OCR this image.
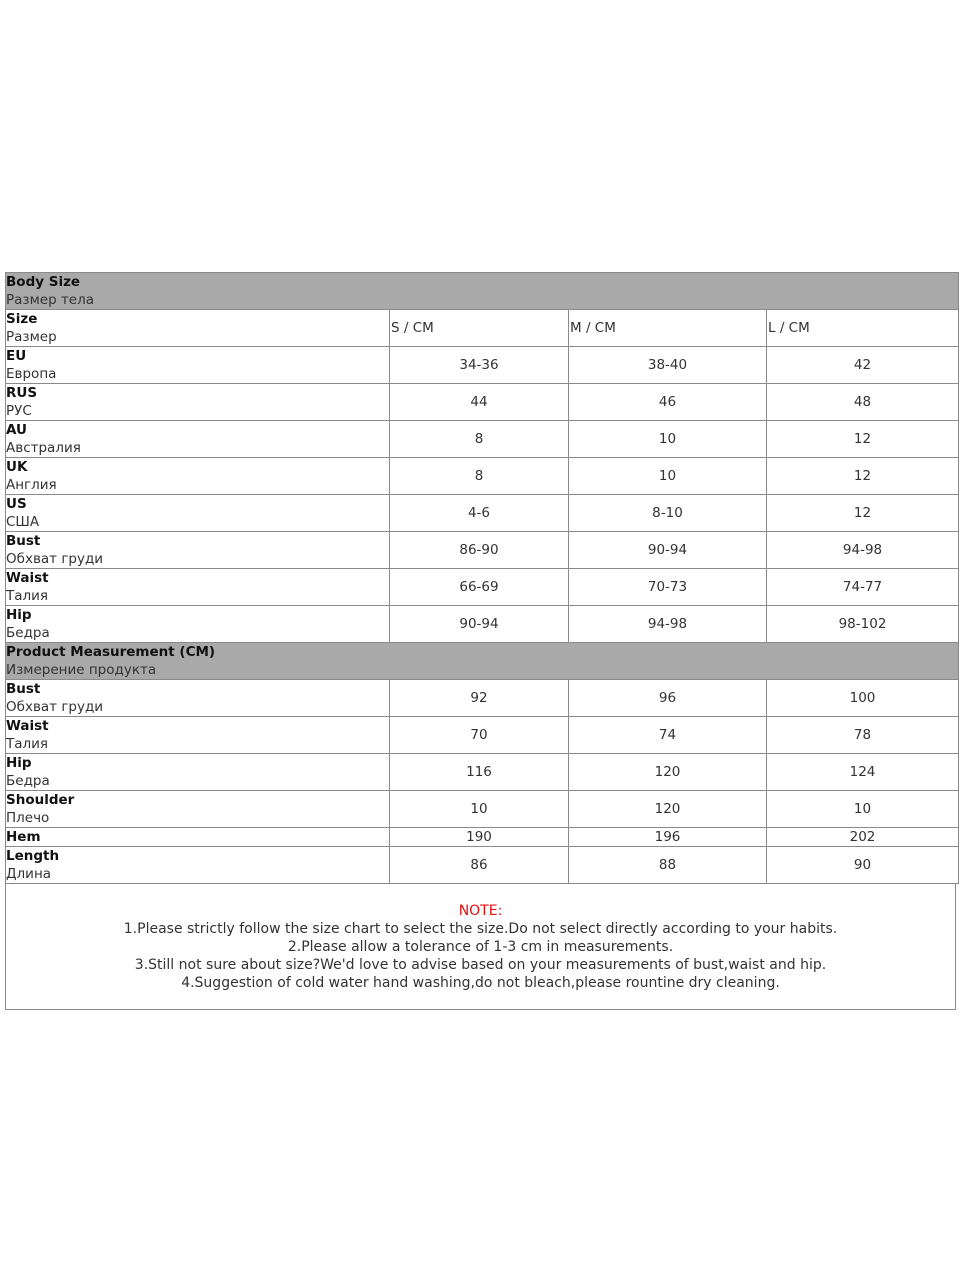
Body Size
Размер тела			

Size
Размер	S / CM	M / CM	L / CM

EU
Европа	34-36	38-40	42

RUS
РУС	44	46	48

AU
Австралия	8	10	12

UK
Англия	8	10	12

US
США	4-6	8-10	12

Bust
Обхват груди	86-90	90-94	94-98

Waist
Талия	66-69	70-73	74-77

Hip
Бедра	90-94	94-98	98-102

Product Measurement (CM)
Измерение продукта			

Bust
Обхват груди	92	96	100

Waist
Талия	70	74	78

Hip
Бедра	116	120	124

Shoulder
Плечо	10	120	10

Hem	190	196	202

Length
Длина	86	88	90
NOTE:
1.Please strictly follow the size chart to select the size.Do not select directly according to your habits.
2.Please allow a tolerance of 1-3 cm in measurements.
3.Still not sure about size?We'd love to advise based on your measurements of bust,waist and hip.
4.Suggestion of cold water hand washing,do not bleach,please rountine dry cleaning.
